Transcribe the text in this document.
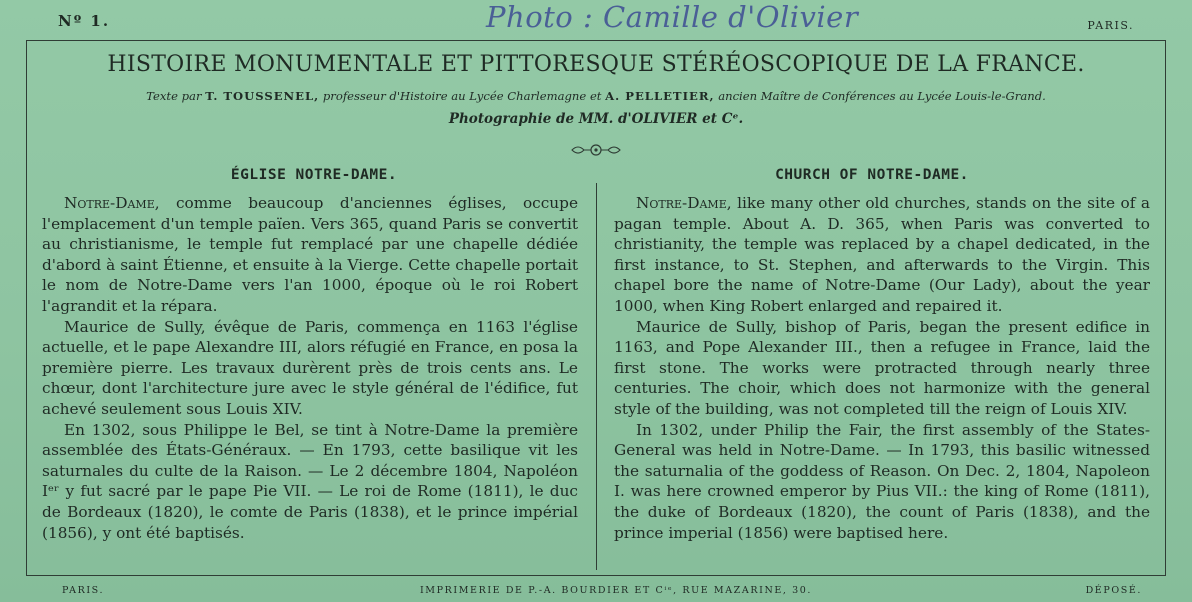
Nº 1.	Photo : Camille d'Olivier	PARIS.
HISTOIRE MONUMENTALE ET PITTORESQUE STÉRÉOSCOPIQUE DE LA FRANCE.
Texte par T. TOUSSENEL, professeur d'Histoire au Lycée Charlemagne et A. PELLETIER, ancien Maître de Conférences au Lycée Louis-le-Grand.
Photographie de MM. d'OLIVIER et Cᵉ.
ÉGLISE NOTRE-DAME.

Notre-Dame, comme beaucoup d'anciennes églises, occupe l'emplacement d'un temple païen. Vers 365, quand Paris se convertit au christianisme, le temple fut remplacé par une chapelle dédiée d'abord à saint Étienne, et ensuite à la Vierge. Cette chapelle portait le nom de Notre-Dame vers l'an 1000, époque où le roi Robert l'agrandit et la répara.

Maurice de Sully, évêque de Paris, commença en 1163 l'église actuelle, et le pape Alexandre III, alors réfugié en France, en posa la première pierre. Les travaux durèrent près de trois cents ans. Le chœur, dont l'architecture jure avec le style général de l'édifice, fut achevé seulement sous Louis XIV.

En 1302, sous Philippe le Bel, se tint à Notre-Dame la première assemblée des États-Généraux. — En 1793, cette basilique vit les saturnales du culte de la Raison. — Le 2 décembre 1804, Napoléon Iᵉʳ y fut sacré par le pape Pie VII. — Le roi de Rome (1811), le duc de Bordeaux (1820), le comte de Paris (1838), et le prince impérial (1856), y ont été baptisés.

CHURCH OF NOTRE-DAME.

Notre-Dame, like many other old churches, stands on the site of a pagan temple. About A. D. 365, when Paris was converted to christianity, the temple was replaced by a chapel dedicated, in the first instance, to St. Stephen, and afterwards to the Virgin. This chapel bore the name of Notre-Dame (Our Lady), about the year 1000, when King Robert enlarged and repaired it.

Maurice de Sully, bishop of Paris, began the present edifice in 1163, and Pope Alexander III., then a refugee in France, laid the first stone. The works were protracted through nearly three centuries. The choir, which does not harmonize with the general style of the building, was not completed till the reign of Louis XIV.

In 1302, under Philip the Fair, the first assembly of the States-General was held in Notre-Dame. — In 1793, this basilic witnessed the saturnalia of the goddess of Reason. On Dec. 2, 1804, Napoleon I. was here crowned emperor by Pius VII.: the king of Rome (1811), the duke of Bordeaux (1820), the count of Paris (1838), and the prince imperial (1856) were baptised here.

PARIS.	IMPRIMERIE DE P.-A. BOURDIER ET Cⁱᵉ, RUE MAZARINE, 30.	DÉPOSÉ.
